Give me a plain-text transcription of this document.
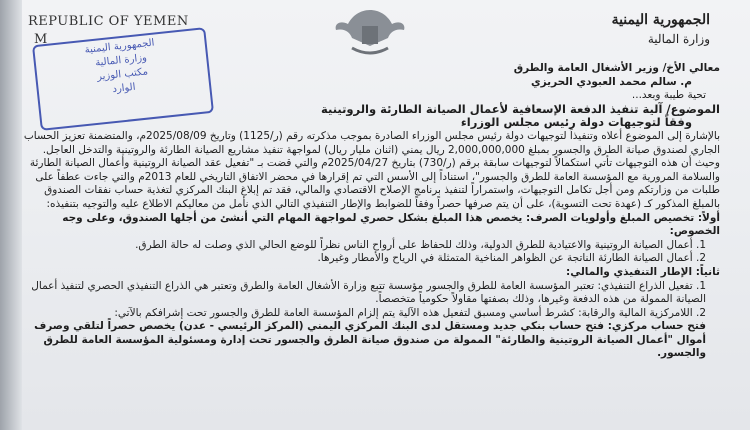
REPUBLIC OF YEMEN

M	الجمهورية اليمنية
وزارة المالية
مكتب الوزير
الوارد
الجمهورية اليمنية
وزارة المالية

معالي الأخ/ وزير الأشغال العامة والطرق

م. سالم محمد العبودي الحريزي

تحية طيبة وبعد...

الموضوع/ آلية تنفيذ الدفعة الإسعافية لأعمال الصيانة الطارئة والروتينية

وفقاً لتوجيهات دولة رئيس مجلس الوزراء

بالإشارة إلى الموضوع أعلاه وتنفيذاً لتوجيهات دولة رئيس مجلس الوزراء الصادرة بموجب مذكرته رقم (ر/1125) وتاريخ 2025/08/09م، والمتضمنة تعزيز الحساب الجاري لصندوق صيانة الطرق والجسور بمبلغ 2,000,000,000 ريال يمني (اثنان مليار ريال) لمواجهة تنفيذ مشاريع الصيانة الطارئة والروتينية والتدخل العاجل. وحيث أن هذه التوجيهات تأتي استكمالاً لتوجيهات سابقة برقم (ر/730) بتاريخ 2025/04/27م والتي قضت بـ "تفعيل عقد الصيانة الروتينية وأعمال الصيانة الطارئة والسلامة المرورية مع المؤسسة العامة للطرق والجسور"، استناداً إلى الأسس التي تم إقرارها في محضر الاتفاق التاريخي للعام 2013م والتي جاءت عطفاً على طلبات من وزارتكم ومن أجل تكامل التوجيهات، واستمراراً لتنفيذ برنامج الإصلاح الاقتصادي والمالي، فقد تم إبلاغ البنك المركزي لتغذية حساب نفقات الصندوق بالمبلغ المذكور كـ (عهدة تحت التسوية)، على أن يتم صرفها حصراً وفقاً للضوابط والإطار التنفيذي التالي الذي نأمل من معاليكم الاطلاع عليه والتوجيه بتنفيذه:

أولاً: تخصيص المبلغ وأولويات الصرف: يخصص هذا المبلغ بشكل حصري لمواجهة المهام التي أنشئ من أجلها الصندوق، وعلى وجه الخصوص:

1. أعمال الصيانة الروتينية والاعتيادية للطرق الدولية، وذلك للحفاظ على أرواح الناس نظراً للوضع الحالي الذي وصلت له حالة الطرق.

2. أعمال الصيانة الطارئة الناتجة عن الظواهر المناخية المتمثلة في الرياح والأمطار وغيرها.

ثانياً: الإطار التنفيذي والمالي:

1. تفعيل الذراع التنفيذي: تعتبر المؤسسة العامة للطرق والجسور مؤسسة تتبع وزارة الأشغال العامة والطرق وتعتبر هي الذراع التنفيذي الحصري لتنفيذ أعمال الصيانة الممولة من هذه الدفعة وغيرها، وذلك بصفتها مقاولاً حكومياً متخصصاً.

2. اللامركزية المالية والرقابة: كشرط أساسي ومسبق لتفعيل هذه الآلية يتم إلزام المؤسسة العامة للطرق والجسور تحت إشرافكم بالآتي:

فتح حساب مركزي: فتح حساب بنكي جديد ومستقل لدى البنك المركزي اليمني (المركز الرئيسي - عدن) يخصص حصراً لتلقي وصرف أموال "أعمال الصيانة الروتينية والطارئة" الممولة من صندوق صيانة الطرق والجسور تحت إدارة ومسئولية المؤسسة العامة للطرق والجسور.
